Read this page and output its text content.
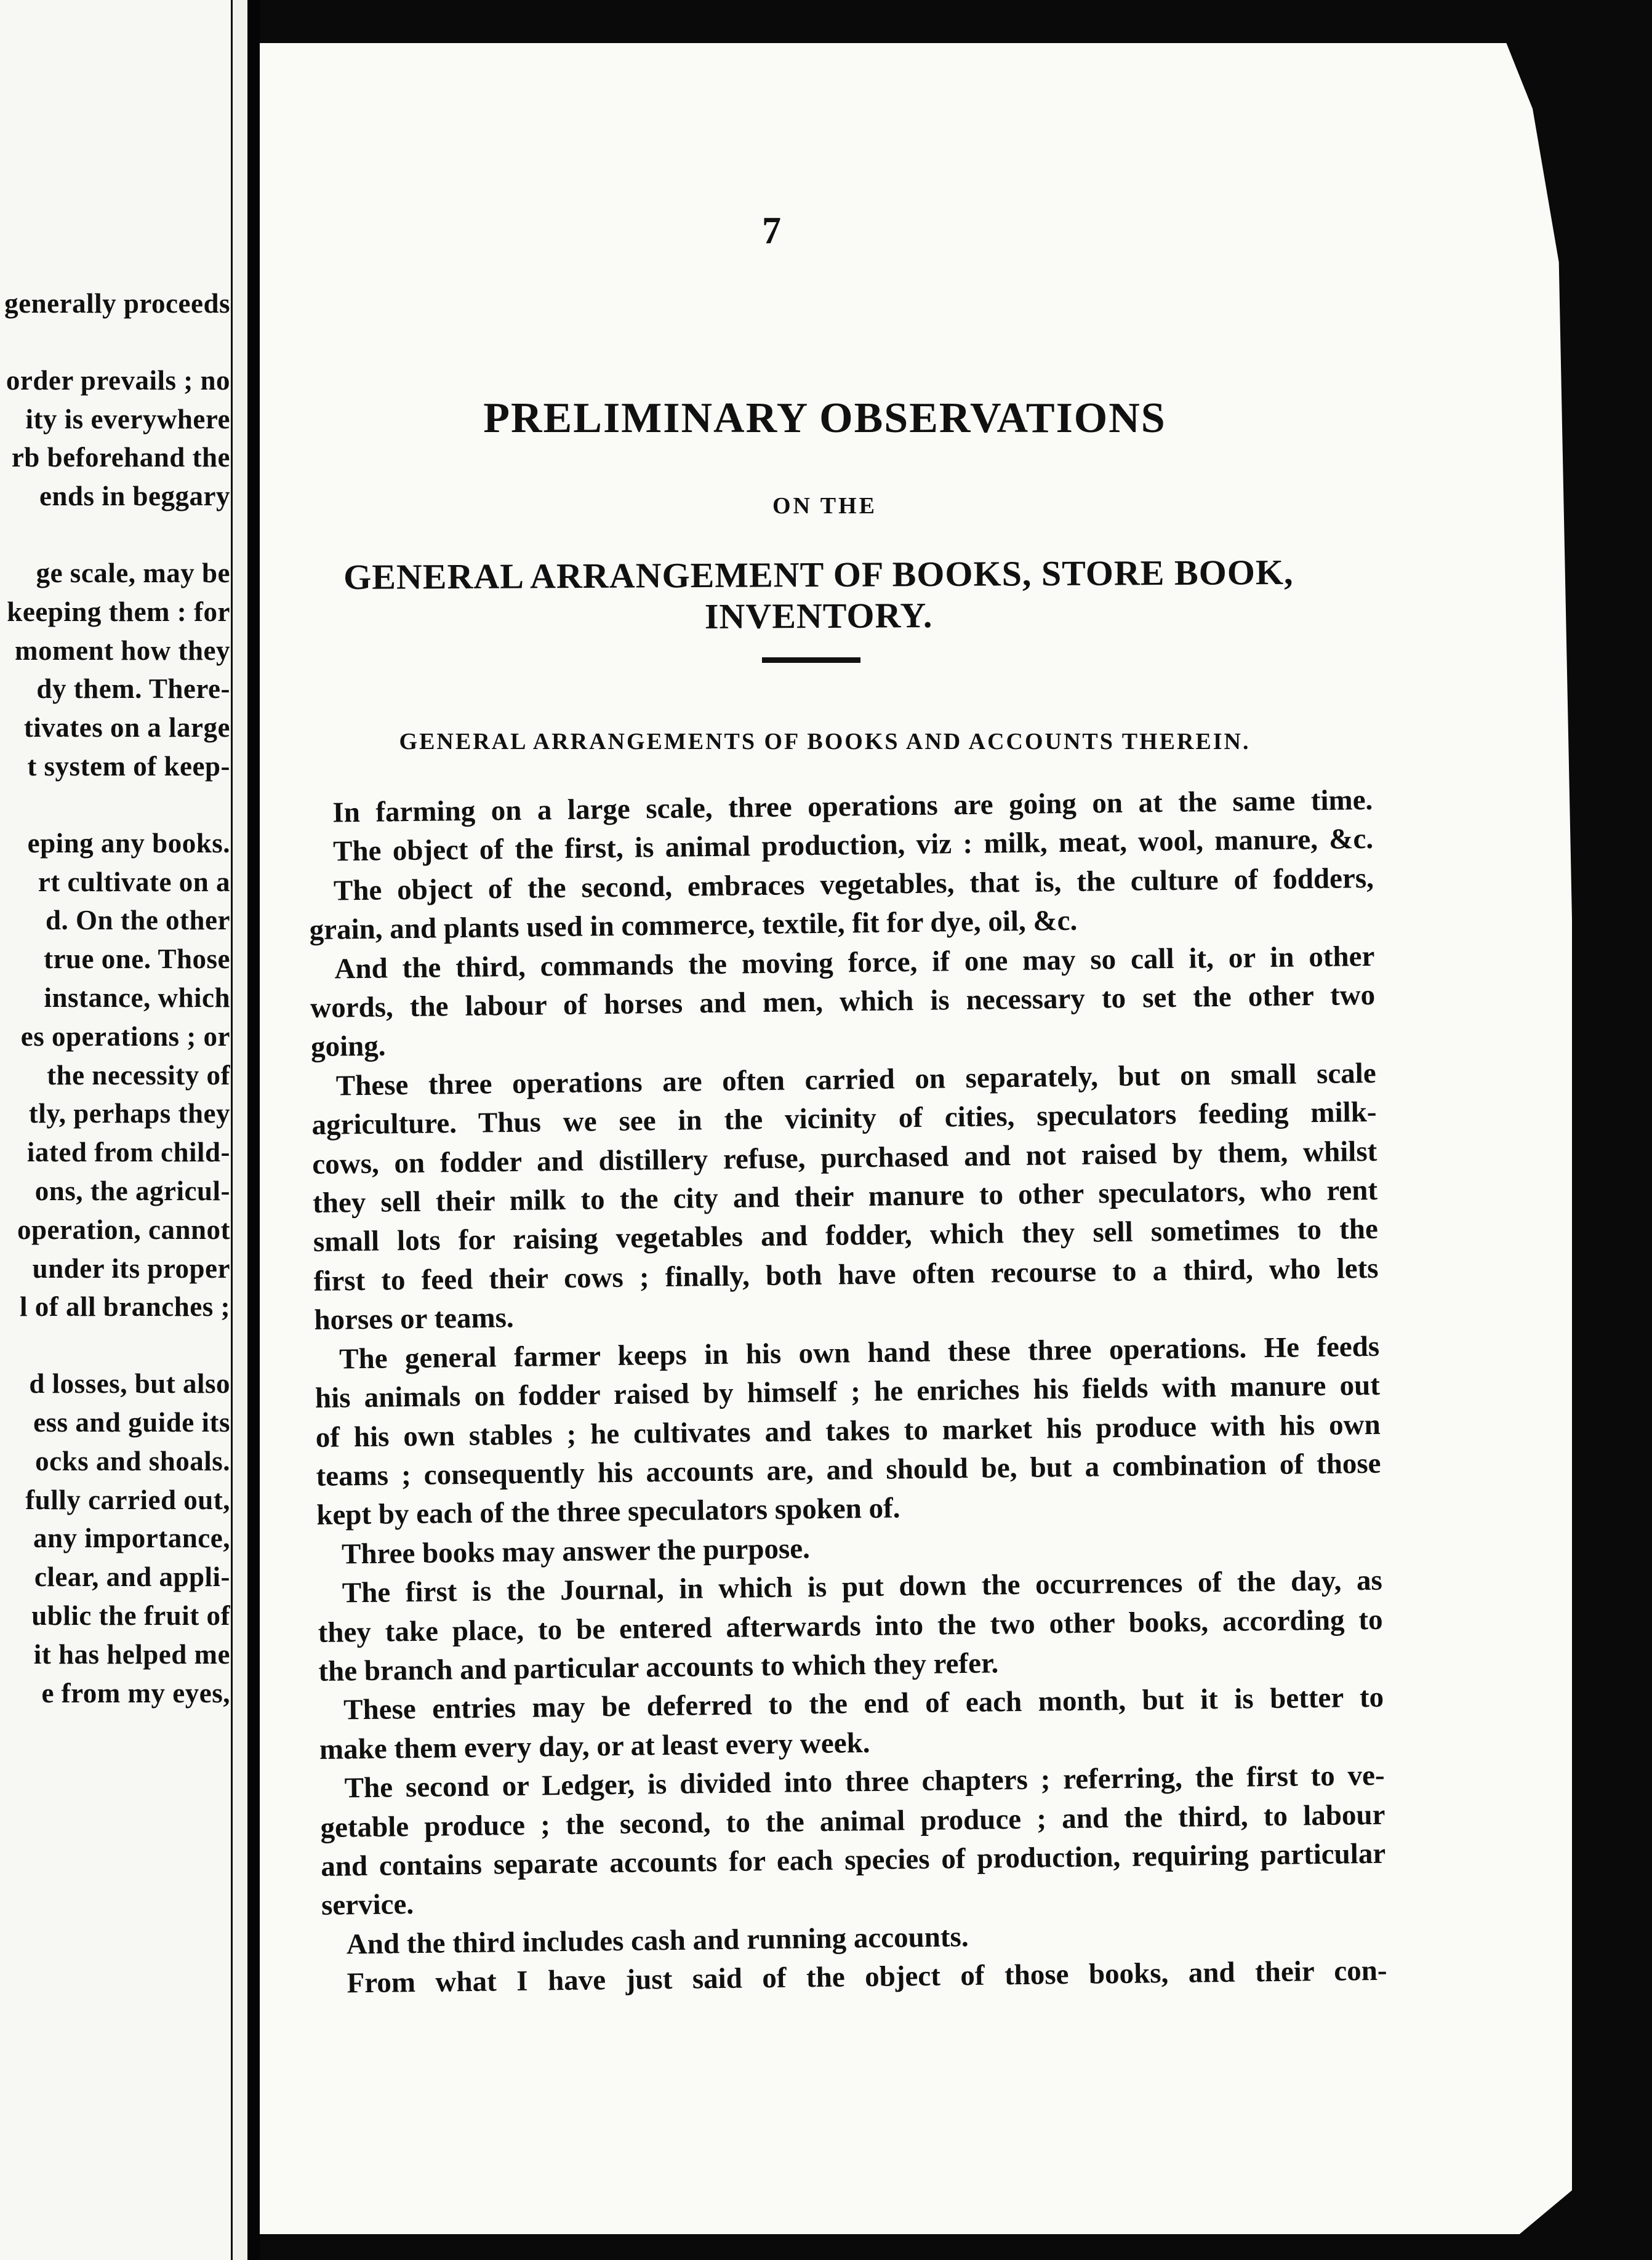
generally proceeds
order prevails ; no
ity is everywhere
rb beforehand the
ends in beggary
ge scale, may be
keeping them : for
moment how they
dy them. There-
tivates on a large
t system of keep-
eping any books.
rt cultivate on a
d. On the other
true one. Those
instance, which
es operations ; or
the necessity of
tly, perhaps they
iated from child-
ons, the agricul-
operation, cannot
under its proper
l of all branches ;
d losses, but also
ess and guide its
ocks and shoals.
fully carried out,
any importance,
clear, and appli-
ublic the fruit of
it has helped me
e from my eyes,
7
PRELIMINARY OBSERVATIONS
ON THE
GENERAL ARRANGEMENT OF BOOKS, STORE BOOK, INVENTORY.
GENERAL ARRANGEMENTS OF BOOKS AND ACCOUNTS THEREIN.
In farming on a large scale, three operations are going on at the same time.
The object of the first, is animal production, viz : milk, meat, wool, manure, &c.
The object of the second, embraces vegetables, that is, the culture of fodders,
grain, and plants used in commerce, textile, fit for dye, oil, &c.
And the third, commands the moving force, if one may so call it, or in other
words, the labour of horses and men, which is necessary to set the other two
going.
These three operations are often carried on separately, but on small scale
agriculture. Thus we see in the vicinity of cities, speculators feeding milk-
cows, on fodder and distillery refuse, purchased and not raised by them, whilst
they sell their milk to the city and their manure to other speculators, who rent
small lots for raising vegetables and fodder, which they sell sometimes to the
first to feed their cows ; finally, both have often recourse to a third, who lets
horses or teams.
The general farmer keeps in his own hand these three operations. He feeds
his animals on fodder raised by himself ; he enriches his fields with manure out
of his own stables ; he cultivates and takes to market his produce with his own
teams ; consequently his accounts are, and should be, but a combination of those
kept by each of the three speculators spoken of.
Three books may answer the purpose.
The first is the Journal, in which is put down the occurrences of the day, as
they take place, to be entered afterwards into the two other books, according to
the branch and particular accounts to which they refer.
These entries may be deferred to the end of each month, but it is better to
make them every day, or at least every week.
The second or Ledger, is divided into three chapters ; referring, the first to ve-
getable produce ; the second, to the animal produce ; and the third, to labour
and contains separate accounts for each species of production, requiring particular
service.
And the third includes cash and running accounts.
From what I have just said of the object of those books, and their con-
